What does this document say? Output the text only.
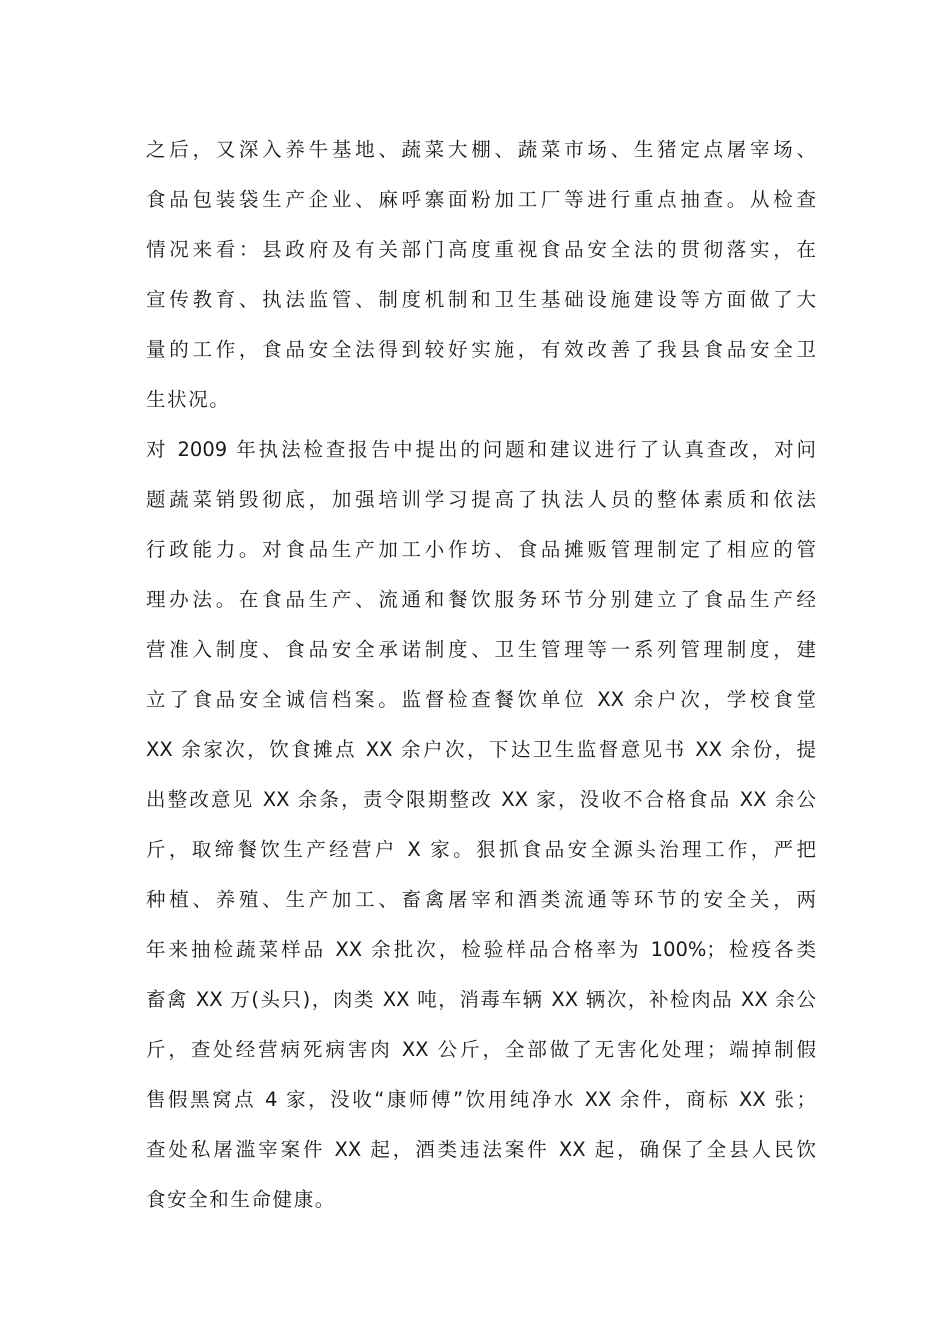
之后，又深入养牛基地、蔬菜大棚、蔬菜市场、生猪定点屠宰场、
食品包装袋生产企业、麻呼寨面粉加工厂等进行重点抽查。从检查
情况来看：县政府及有关部门高度重视食品安全法的贯彻落实，在
宣传教育、执法监管、制度机制和卫生基础设施建设等方面做了大
量的工作，食品安全法得到较好实施，有效改善了我县食品安全卫
生状况。
对 2009 年执法检查报告中提出的问题和建议进行了认真查改，对问
题蔬菜销毁彻底，加强培训学习提高了执法人员的整体素质和依法
行政能力。对食品生产加工小作坊、食品摊贩管理制定了相应的管
理办法。在食品生产、流通和餐饮服务环节分别建立了食品生产经
营准入制度、食品安全承诺制度、卫生管理等一系列管理制度，建
立了食品安全诚信档案。监督检查餐饮单位 XX 余户次，学校食堂
XX 余家次，饮食摊点 XX 余户次，下达卫生监督意见书 XX 余份，提
出整改意见 XX 余条，责令限期整改 XX 家，没收不合格食品 XX 余公
斤，取缔餐饮生产经营户 X 家。狠抓食品安全源头治理工作，严把
种植、养殖、生产加工、畜禽屠宰和酒类流通等环节的安全关，两
年来抽检蔬菜样品 XX 余批次，检验样品合格率为 100%；检疫各类
畜禽 XX 万(头只)，肉类 XX 吨，消毒车辆 XX 辆次，补检肉品 XX 余公
斤，查处经营病死病害肉 XX 公斤，全部做了无害化处理；端掉制假
售假黑窝点 4 家，没收“康师傅”饮用纯净水 XX 余件，商标 XX 张；
查处私屠滥宰案件 XX 起，酒类违法案件 XX 起，确保了全县人民饮
食安全和生命健康。
